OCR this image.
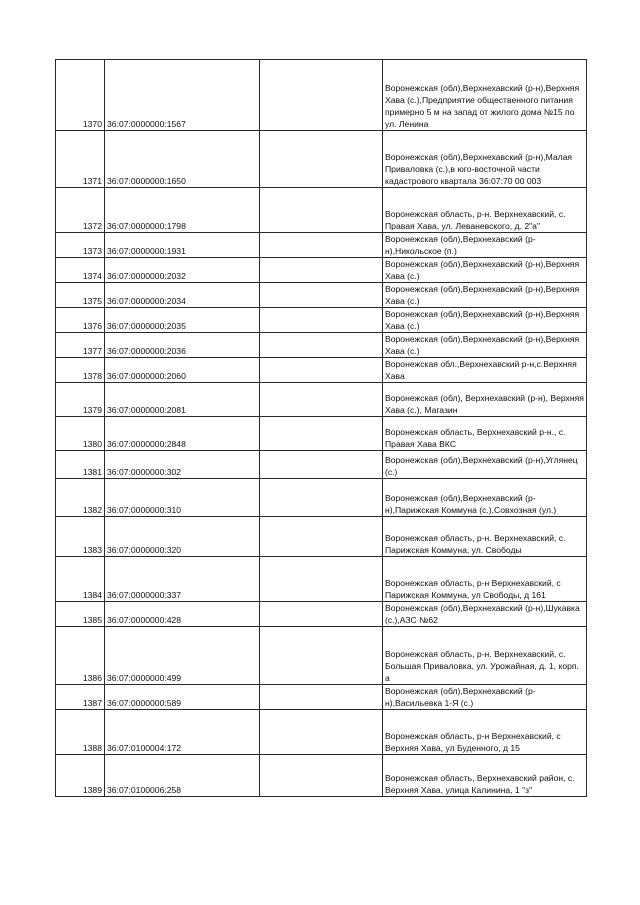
1370	36:07:0000000:1567		Воронежская (обл),Верхнехавский (р-н),Верхняя Хава (с.),Предприятие общественного питания примерно 5 м на запад от жилого дома №15 по ул. Ленина
1371	36:07:0000000:1650		Воронежская (обл),Верхнехавский (р-н),Малая Приваловка (с.),в юго-восточной части кадастрового квартала 36:07:70 00 003
1372	36:07:0000000:1798		Воронежская область, р-н. Верхнехавский, с. Правая Хава, ул. Леваневского, д. 2"а"
1373	36:07:0000000:1931		Воронежская (обл),Верхнехавский (р-н),Никольское (п.)
1374	36:07:0000000:2032		Воронежская (обл),Верхнехавский (р-н),Верхняя Хава (с.)
1375	36:07:0000000:2034		Воронежская (обл),Верхнехавский (р-н),Верхняя Хава (с.)
1376	36:07:0000000:2035		Воронежская (обл),Верхнехавский (р-н),Верхняя Хава (с.)
1377	36:07:0000000:2036		Воронежская (обл),Верхнехавский (р-н),Верхняя Хава (с.)
1378	36:07:0000000:2060		Воронежская обл.,Верхнехавский р-н,с.Верхняя Хава
1379	36:07:0000000:2081		Воронежская (обл), Верхнехавский (р-н), Верхняя Хава (с.), Магазин
1380	36:07:0000000:2848		Воронежская область, Верхнехавский р-н., с. Правая Хава ВКС
1381	36:07:0000000:302		Воронежская (обл),Верхнехавский (р-н),Углянец (с.)
1382	36:07:0000000:310		Воронежская (обл),Верхнехавский (р-н),Парижская Коммуна (с.),Совхозная (ул.)
1383	36:07:0000000:320		Воронежская область, р-н. Верхнехавский, с. Парижская Коммуна, ул. Свободы
1384	36:07:0000000:337		Воронежская область, р-н Верхнехавский, с Парижская Коммуна, ул Свободы, д 161
1385	36:07:0000000:428		Воронежская (обл),Верхнехавский (р-н),Шукавка (с.),АЗС №62
1386	36:07:0000000:499		Воронежская область, р-н. Верхнехавский, с. Большая Приваловка, ул. Урожайная, д. 1, корп. а
1387	36:07:0000000:589		Воронежская (обл),Верхнехавский (р-н),Васильевка 1-Я (с.)
1388	36:07:0100004:172		Воронежская область, р-н Верхнехавский, с Верхняя Хава, ул Буденного, д 15
1389	36:07:0100006:258		Воронежская область, Верхнехавский район, с. Верхняя Хава, улица Калинина, 1 "з"
